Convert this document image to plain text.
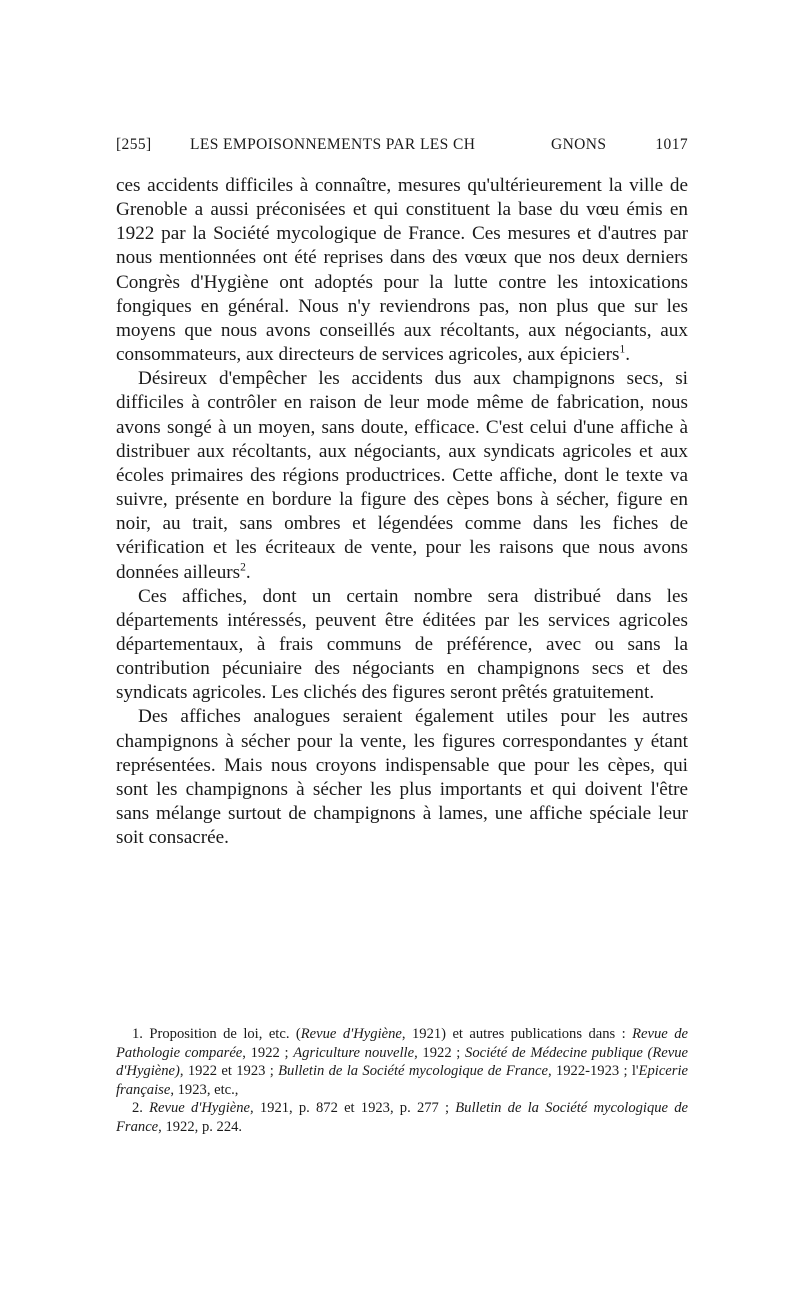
[255] LES EMPOISONNEMENTS PAR LES CH	GNONS	1017

ces accidents difficiles à connaître, mesures qu'ultérieurement la ville de Grenoble a aussi préconisées et qui constituent la base du vœu émis en 1922 par la Société mycologique de France. Ces mesures et d'autres par nous mentionnées ont été reprises dans des vœux que nos deux derniers Congrès d'Hygiène ont adoptés pour la lutte contre les intoxications fongiques en général. Nous n'y reviendrons pas, non plus que sur les moyens que nous avons conseillés aux récoltants, aux négociants, aux consommateurs, aux directeurs de services agricoles, aux épiciers$^1$.

Désireux d'empêcher les accidents dus aux champignons secs, si difficiles à contrôler en raison de leur mode même de fabrication, nous avons songé à un moyen, sans doute, efficace. C'est celui d'une affiche à distribuer aux récoltants, aux négociants, aux syndicats agricoles et aux écoles primaires des régions productrices. Cette affiche, dont le texte va suivre, présente en bordure la figure des cèpes bons à sécher, figure en noir, au trait, sans ombres et légendées comme dans les fiches de vérification et les écriteaux de vente, pour les raisons que nous avons données ailleurs$^2$.

Ces affiches, dont un certain nombre sera distribué dans les départements intéressés, peuvent être éditées par les services agricoles départementaux, à frais communs de préférence, avec ou sans la contribution pécuniaire des négociants en champignons secs et des syndicats agricoles. Les clichés des figures seront prêtés gratuitement.

Des affiches analogues seraient également utiles pour les autres champignons à sécher pour la vente, les figures correspondantes y étant représentées. Mais nous croyons indispensable que pour les cèpes, qui sont les champignons à sécher les plus importants et qui doivent l'être sans mélange surtout de champignons à lames, une affiche spéciale leur soit consacrée.

1. Proposition de loi, etc. (Revue d'Hygiène, 1921) et autres publications dans : Revue de Pathologie comparée, 1922 ; Agriculture nouvelle, 1922 ; Société de Médecine publique (Revue d'Hygiène), 1922 et 1923 ; Bulletin de la Société mycologique de France, 1922-1923 ; l'Epicerie française, 1923, etc.,

2. Revue d'Hygiène, 1921, p. 872 et 1923, p. 277 ; Bulletin de la Société mycologique de France, 1922, p. 224.
